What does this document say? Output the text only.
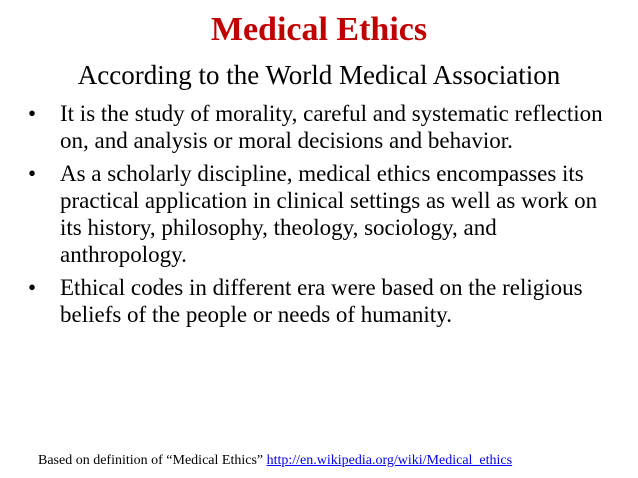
Medical Ethics
According to the World Medical Association
• It is the study of morality, careful and systematic reflection on, and analysis or moral decisions and behavior.
• As a scholarly discipline, medical ethics encompasses its practical application in clinical settings as well as work on its history, philosophy, theology, sociology, and anthropology.
• Ethical codes in different era were based on the religious beliefs of the people or needs of humanity.
Based on definition of “Medical Ethics” http://en.wikipedia.org/wiki/Medical_ethics
